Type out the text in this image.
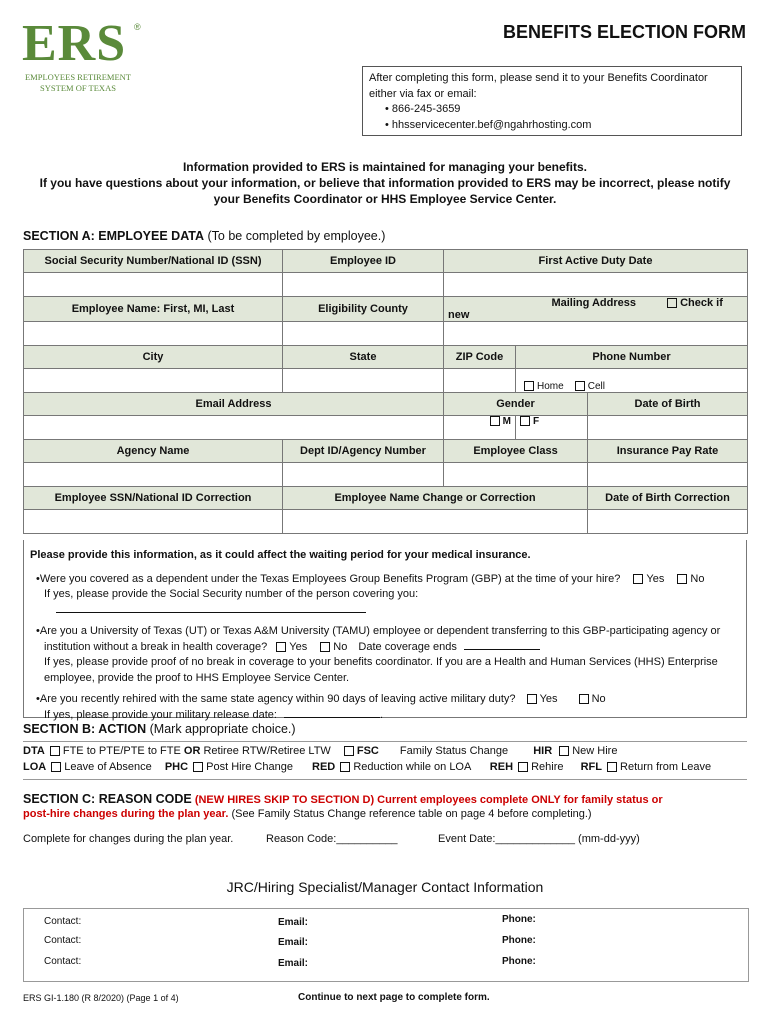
ERS ®
EMPLOYEES RETIREMENT
SYSTEM OF TEXAS
BENEFITS ELECTION FORM
After completing this form, please send it to your Benefits Coordinator
either via fax or email:
• 866-245-3659
• hhsservicecenter.bef@ngahrhosting.com
Information provided to ERS is maintained for managing your benefits.
If you have questions about your information, or believe that information provided to ERS may be incorrect, please notify
your Benefits Coordinator or HHS Employee Service Center.
SECTION A: EMPLOYEE DATA (To be completed by employee.)
Social Security Number/National ID (SSN)	Employee ID	First Active Duty Date		

Employee Name: First, MI, Last	Eligibility County	Mailing Address Check if new		

City	State	ZIP Code	Phone Number	
			Home Cell	
Email Address		Gender		Date of Birth
		M	F	
Agency Name	Dept ID/Agency Number	Employee Class		Insurance Pay Rate

Employee SSN/National ID Correction	Employee Name Change or Correction			Date of Birth Correction

Please provide this information, as it could affect the waiting period for your medical insurance.

•Were you covered as a dependent under the Texas Employees Group Benefits Program (GBP) at the time of your hire? Yes No
If yes, please provide the Social Security number of the person covering you:

•Are you a University of Texas (UT) or Texas A&M University (TAMU) employee or dependent transferring to this GBP-participating agency or
institution without a break in health coverage? Yes No Date coverage ends
If yes, please provide proof of no break in coverage to your benefits coordinator. If you are a Health and Human Services (HHS) Enterprise
employee, provide the proof to HHS Employee Service Center.

•Are you recently rehired with the same state agency within 90 days of leaving active military duty? Yes	No
If yes, please provide your military release date:	.

SECTION B: ACTION (Mark appropriate choice.)
DTA FTE to PTE/PTE to FTE OR Retiree RTW/Retiree LTW FSC Family Status Change HIR New Hire
LOA Leave of Absence PHC Post Hire Change RED Reduction while on LOA REH Rehire RFL Return from Leave
SECTION C: REASON CODE (NEW HIRES SKIP TO SECTION D) Current employees complete ONLY for family status or
post-hire changes during the plan year. (See Family Status Change reference table on page 4 before completing.)
Complete for changes during the plan year.	Reason Code:__________	Event Date:_____________ (mm-dd-yyy)
JRC/Hiring Specialist/Manager Contact Information
Contact:	Email:	Phone:
Contact:	Email:	Phone:
Contact:	Email:	Phone:
ERS GI-1.180 (R 8/2020) (Page 1 of 4)	Continue to next page to complete form.
